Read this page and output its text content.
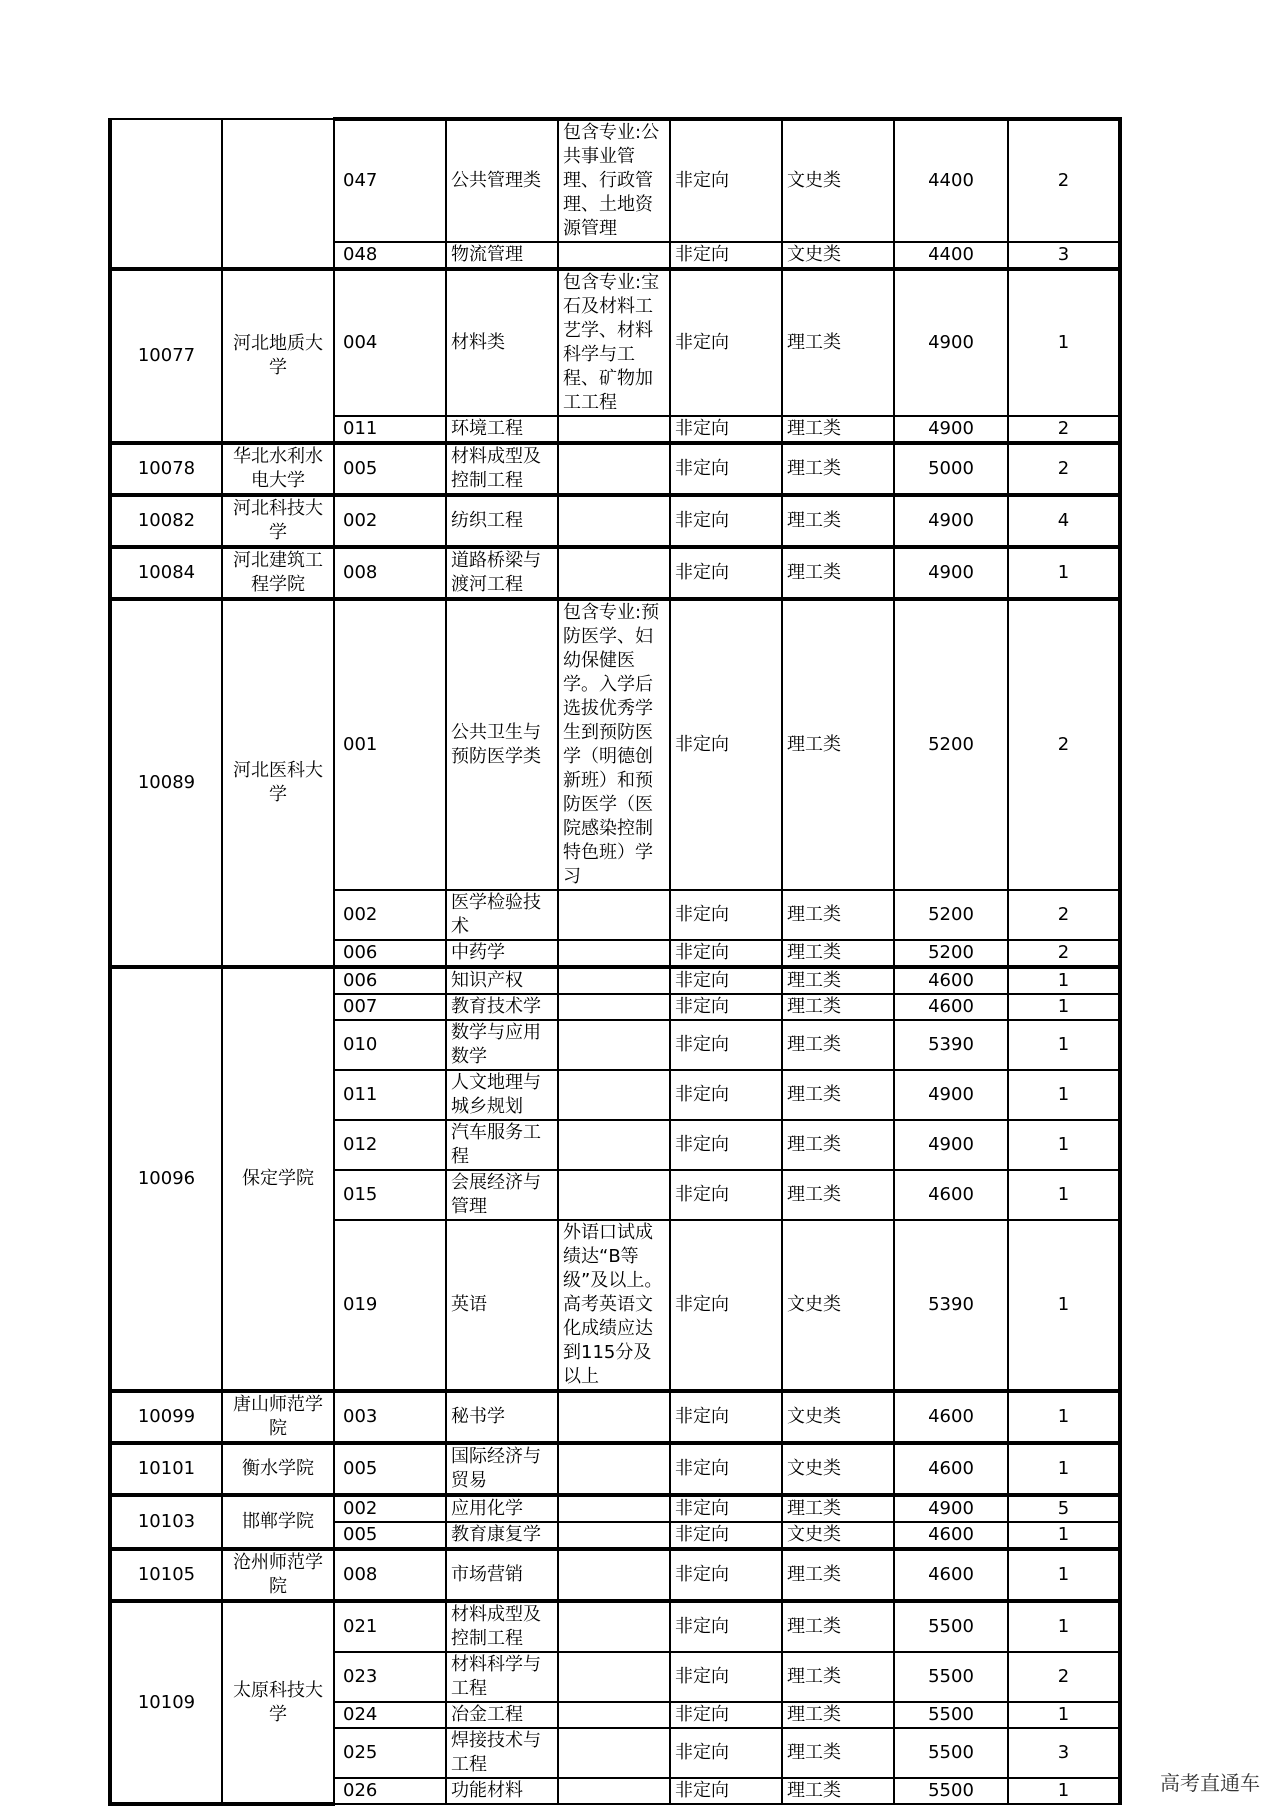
		047	公共管理类	包含专业:公共事业管理、行政管理、土地资源管理	非定向	文史类	4400	2
		048	物流管理		非定向	文史类	4400	3
10077	河北地质大学	004	材料类	包含专业:宝石及材料工艺学、材料科学与工程、矿物加工工程	非定向	理工类	4900	1
		011	环境工程		非定向	理工类	4900	2
10078	华北水利水电大学	005	材料成型及控制工程		非定向	理工类	5000	2
10082	河北科技大学	002	纺织工程		非定向	理工类	4900	4
10084	河北建筑工程学院	008	道路桥梁与渡河工程		非定向	理工类	4900	1
10089	河北医科大学	001	公共卫生与预防医学类	包含专业:预防医学、妇幼保健医学。入学后选拔优秀学生到预防医学（明德创新班）和预防医学（医院感染控制特色班）学习	非定向	理工类	5200	2
		002	医学检验技术		非定向	理工类	5200	2
		006	中药学		非定向	理工类	5200	2
10096	保定学院	006	知识产权		非定向	理工类	4600	1
		007	教育技术学		非定向	理工类	4600	1
		010	数学与应用数学		非定向	理工类	5390	1
		011	人文地理与城乡规划		非定向	理工类	4900	1
		012	汽车服务工程		非定向	理工类	4900	1
		015	会展经济与管理		非定向	理工类	4600	1
		019	英语	外语口试成绩达“B等级”及以上。高考英语文化成绩应达到115分及以上	非定向	文史类	5390	1
10099	唐山师范学院	003	秘书学		非定向	文史类	4600	1
10101	衡水学院	005	国际经济与贸易		非定向	文史类	4600	1
10103	邯郸学院	002	应用化学		非定向	理工类	4900	5
		005	教育康复学		非定向	文史类	4600	1
10105	沧州师范学院	008	市场营销		非定向	理工类	4600	1
10109	太原科技大学	021	材料成型及控制工程		非定向	理工类	5500	1
		023	材料科学与工程		非定向	理工类	5500	2
		024	冶金工程		非定向	理工类	5500	1
		025	焊接技术与工程		非定向	理工类	5500	3
		026	功能材料		非定向	理工类	5500	1	高考直通车
